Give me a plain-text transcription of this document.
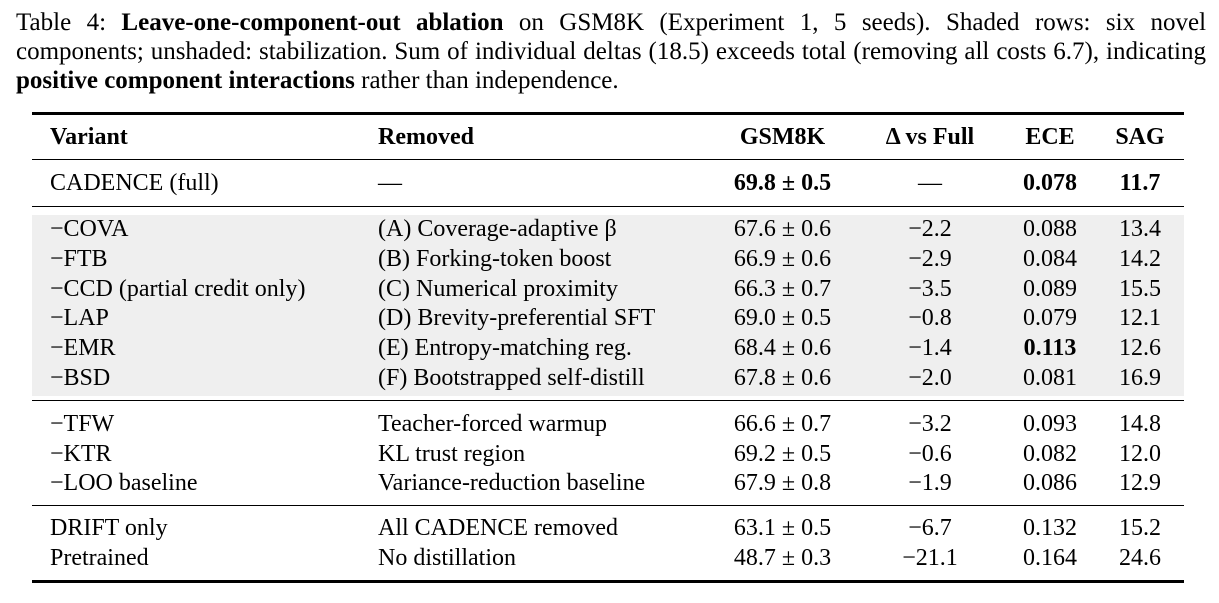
Table 4: Leave-one-component-out ablation on GSM8K (Experiment 1, 5 seeds). Shaded rows: six novel components; unshaded: stabilization. Sum of individual deltas (18.5) exceeds total (removing all costs 6.7), indicating positive component interactions rather than independence.
Variant	Removed	GSM8K	Δ vs Full	ECE	SAG
CADENCE (full)	—	69.8 ± 0.5	—	0.078	11.7
−COVA	(A) Coverage-adaptive β	67.6 ± 0.6	−2.2	0.088	13.4
−FTB	(B) Forking-token boost	66.9 ± 0.6	−2.9	0.084	14.2
−CCD (partial credit only)	(C) Numerical proximity	66.3 ± 0.7	−3.5	0.089	15.5
−LAP	(D) Brevity-preferential SFT	69.0 ± 0.5	−0.8	0.079	12.1
−EMR	(E) Entropy-matching reg.	68.4 ± 0.6	−1.4	0.113	12.6
−BSD	(F) Bootstrapped self-distill	67.8 ± 0.6	−2.0	0.081	16.9
−TFW	Teacher-forced warmup	66.6 ± 0.7	−3.2	0.093	14.8
−KTR	KL trust region	69.2 ± 0.5	−0.6	0.082	12.0
−LOO baseline	Variance-reduction baseline	67.9 ± 0.8	−1.9	0.086	12.9
DRIFT only	All CADENCE removed	63.1 ± 0.5	−6.7	0.132	15.2
Pretrained	No distillation	48.7 ± 0.3	−21.1	0.164	24.6
